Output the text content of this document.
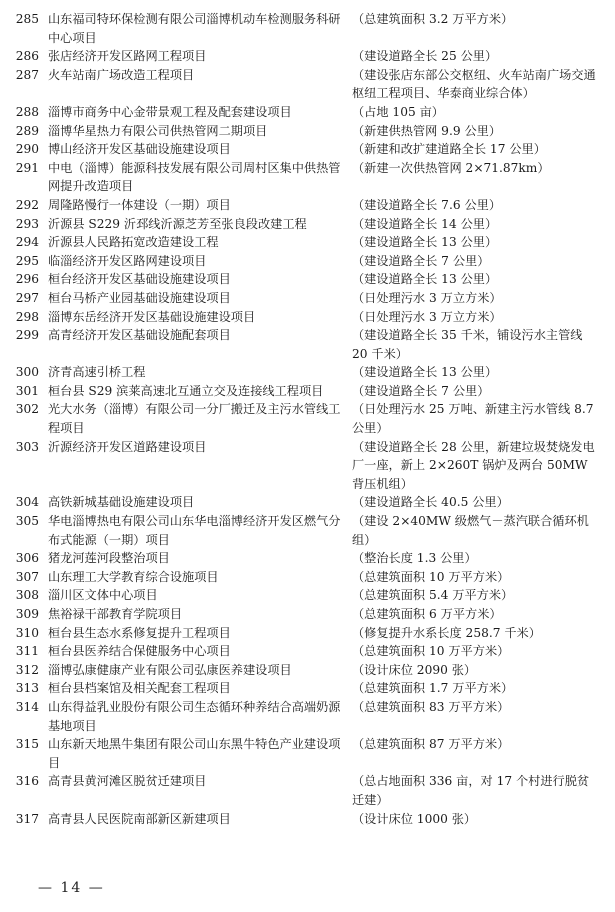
285 山东福司特环保检测有限公司淄博机动车检测服务科研中心项目
（总建筑面积 3.2 万平方米）
286 张店经济开发区路网工程项目	（建设道路全长 25 公里）
287 火车站南广场改造工程项目	（建设张店东部公交枢纽、火车站南广场交通枢纽工程项目、华泰商业综合体）
288 淄博市商务中心金带景观工程及配套建设项目	（占地 105 亩）
289 淄博华星热力有限公司供热管网二期项目	（新建供热管网 9.9 公里）
290 博山经济开发区基础设施建设项目	（新建和改扩建道路全长 17 公里）
291 中电（淄博）能源科技发展有限公司周村区集中供热管网提升改造项目
（新建一次供热管网 2×71.87km）
292 周隆路慢行一体建设（一期）项目	（建设道路全长 7.6 公里）
293 沂源县 S229 沂邳线沂源芝芳至张良段改建工程	（建设道路全长 14 公里）
294 沂源县人民路拓宽改造建设工程	（建设道路全长 13 公里）
295 临淄经济开发区路网建设项目	（建设道路全长 7 公里）
296 桓台经济开发区基础设施建设项目	（建设道路全长 13 公里）
297 桓台马桥产业园基础设施建设项目	（日处理污水 3 万立方米）
298 淄博东岳经济开发区基础设施建设项目	（日处理污水 3 万立方米）
299 高青经济开发区基础设施配套项目	（建设道路全长 35 千米，铺设污水主管线 20 千米）
300 济青高速引桥工程	（建设道路全长 13 公里）
301 桓台县 S29 滨莱高速北互通立交及连接线工程项目	（建设道路全长 7 公里）
302 光大水务（淄博）有限公司一分厂搬迁及主污水管线工程项目
（日处理污水 25 万吨、新建主污水管线 8.7 公里）
303 沂源经济开发区道路建设项目	（建设道路全长 28 公里，新建垃圾焚烧发电厂一座，新上 2×260T 锅炉及两台 50MW 背压机组）
304 高铁新城基础设施建设项目	（建设道路全长 40.5 公里）
305 华电淄博热电有限公司山东华电淄博经济开发区燃气分布式能源（一期）项目
（建设 2×40MW 级燃气－蒸汽联合循环机组）
306 猪龙河莲河段整治项目	（整治长度 1.3 公里）
307 山东理工大学教育综合设施项目	（总建筑面积 10 万平方米）
308 淄川区文体中心项目	（总建筑面积 5.4 万平方米）
309 焦裕禄干部教育学院项目	（总建筑面积 6 万平方米）
310 桓台县生态水系修复提升工程项目	（修复提升水系长度 258.7 千米）
311 桓台县医养结合保健服务中心项目	（总建筑面积 10 万平方米）
312 淄博弘康健康产业有限公司弘康医养建设项目	（设计床位 2090 张）
313 桓台县档案馆及相关配套工程项目	（总建筑面积 1.7 万平方米）
314 山东得益乳业股份有限公司生态循环种养结合高端奶源基地项目
（总建筑面积 83 万平方米）
315 山东新天地黑牛集团有限公司山东黑牛特色产业建设项目
（总建筑面积 87 万平方米）
316 高青县黄河滩区脱贫迁建项目	（总占地面积 336 亩，对 17 个村进行脱贫迁建）
317 高青县人民医院南部新区新建项目	（设计床位 1000 张）
— 14 —
